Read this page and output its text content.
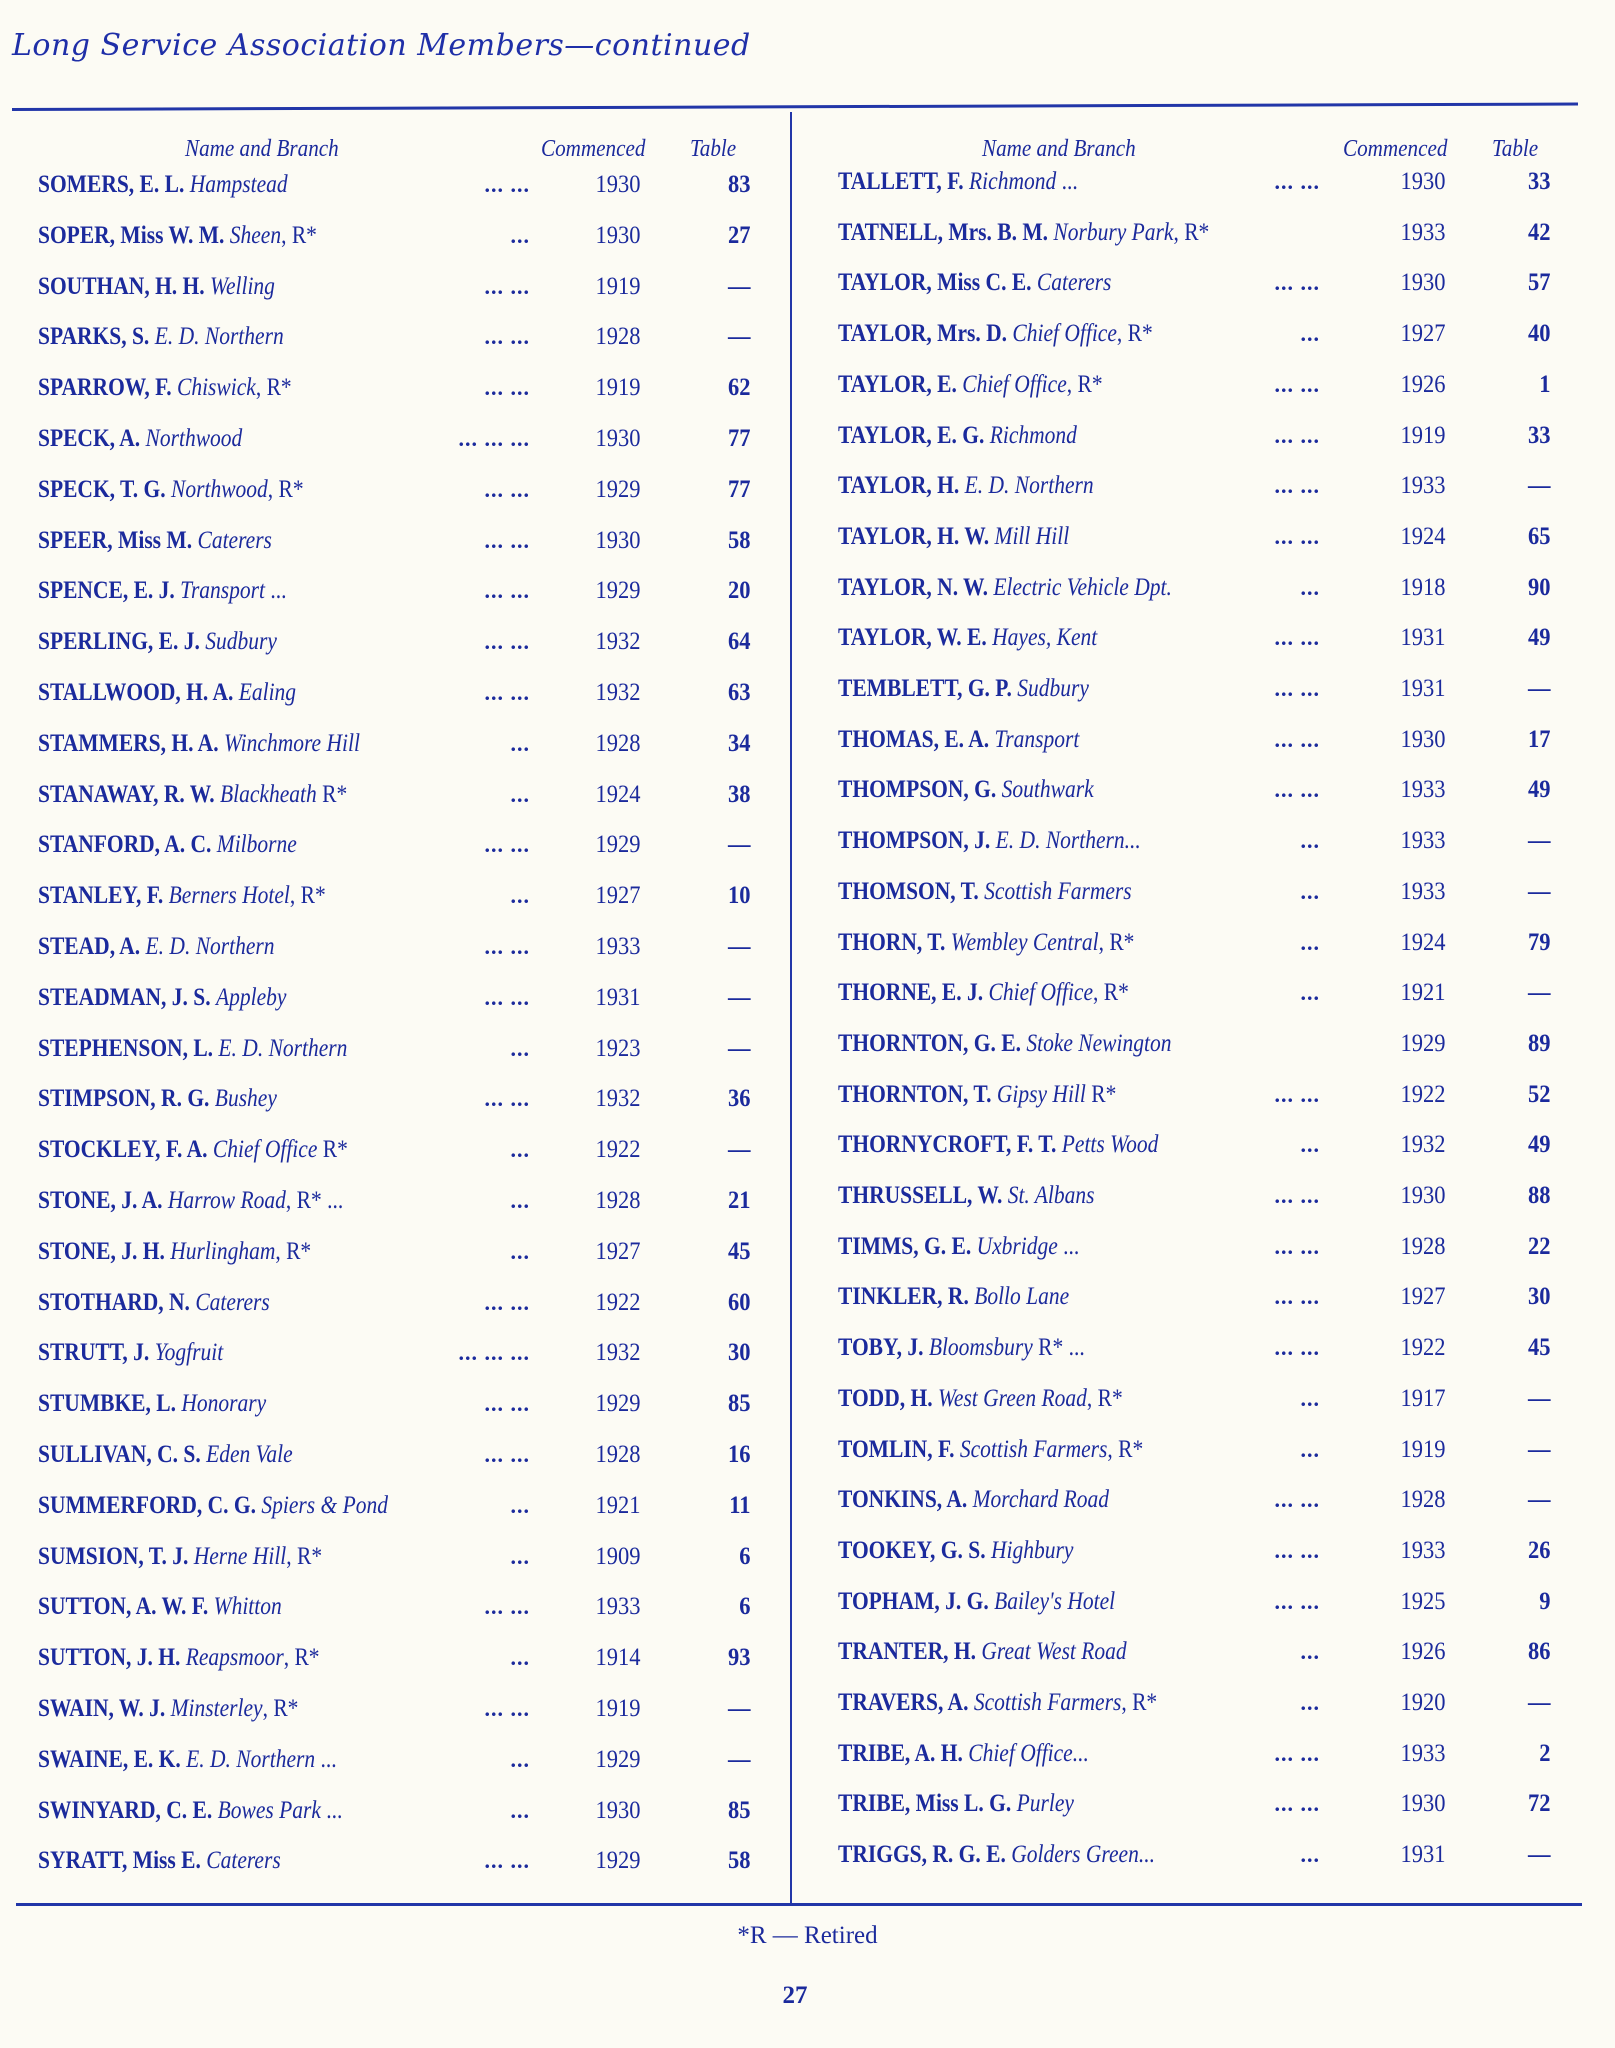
Long Service Association Members—continued
Name and Branch	Commenced Table
SOMERS, E. L. Hampstead	... ...	1930	83
SOPER, Miss W. M. Sheen, R*	...	1930	27
SOUTHAN, H. H. Welling	... ...	1919	—
SPARKS, S. E. D. Northern	... ...	1928	—
SPARROW, F. Chiswick, R*	... ...	1919	62
SPECK, A. Northwood	... ... ...	1930	77
SPECK, T. G. Northwood, R*	... ...	1929	77
SPEER, Miss M. Caterers	... ...	1930	58
SPENCE, E. J. Transport ...	... ...	1929	20
SPERLING, E. J. Sudbury	... ...	1932	64
STALLWOOD, H. A. Ealing	... ...	1932	63
STAMMERS, H. A. Winchmore Hill	...	1928	34
STANAWAY, R. W. Blackheath R*	...	1924	38
STANFORD, A. C. Milborne	... ...	1929	—
STANLEY, F. Berners Hotel, R*	...	1927	10
STEAD, A. E. D. Northern	... ...	1933	—
STEADMAN, J. S. Appleby	... ...	1931	—
STEPHENSON, L. E. D. Northern	...	1923	—
STIMPSON, R. G. Bushey	... ...	1932	36
STOCKLEY, F. A. Chief Office R*	...	1922	—
STONE, J. A. Harrow Road, R* ...	...	1928	21
STONE, J. H. Hurlingham, R*	...	1927	45
STOTHARD, N. Caterers	... ...	1922	60
STRUTT, J. Yogfruit	... ... ...	1932	30
STUMBKE, L. Honorary	... ...	1929	85
SULLIVAN, C. S. Eden Vale	... ...	1928	16
SUMMERFORD, C. G. Spiers & Pond	...	1921	11
SUMSION, T. J. Herne Hill, R*	...	1909	6
SUTTON, A. W. F. Whitton	... ...	1933	6
SUTTON, J. H. Reapsmoor, R*	...	1914	93
SWAIN, W. J. Minsterley, R*	... ...	1919	—
SWAINE, E. K. E. D. Northern ...	...	1929	—
SWINYARD, C. E. Bowes Park ...	...	1930	85
SYRATT, Miss E. Caterers	... ...	1929	58
Name and Branch	Commenced Table
TALLETT, F. Richmond ...	... ...	1930	33
TATNELL, Mrs. B. M. Norbury Park, R*	1933	42
TAYLOR, Miss C. E. Caterers	... ...	1930	57
TAYLOR, Mrs. D. Chief Office, R*	...	1927	40
TAYLOR, E. Chief Office, R*	... ...	1926	1
TAYLOR, E. G. Richmond	... ...	1919	33
TAYLOR, H. E. D. Northern	... ...	1933	—
TAYLOR, H. W. Mill Hill	... ...	1924	65
TAYLOR, N. W. Electric Vehicle Dpt.	...	1918	90
TAYLOR, W. E. Hayes, Kent	... ...	1931	49
TEMBLETT, G. P. Sudbury	... ...	1931	—
THOMAS, E. A. Transport	... ...	1930	17
THOMPSON, G. Southwark	... ...	1933	49
THOMPSON, J. E. D. Northern...	...	1933	—
THOMSON, T. Scottish Farmers	...	1933	—
THORN, T. Wembley Central, R*	...	1924	79
THORNE, E. J. Chief Office, R*	...	1921	—
THORNTON, G. E. Stoke Newington	1929	89
THORNTON, T. Gipsy Hill R*	... ...	1922	52
THORNYCROFT, F. T. Petts Wood	...	1932	49
THRUSSELL, W. St. Albans	... ...	1930	88
TIMMS, G. E. Uxbridge ...	... ...	1928	22
TINKLER, R. Bollo Lane	... ...	1927	30
TOBY, J. Bloomsbury R* ...	... ...	1922	45
TODD, H. West Green Road, R*	...	1917	—
TOMLIN, F. Scottish Farmers, R*	...	1919	—
TONKINS, A. Morchard Road	... ...	1928	—
TOOKEY, G. S. Highbury	... ...	1933	26
TOPHAM, J. G. Bailey's Hotel	... ...	1925	9
TRANTER, H. Great West Road	...	1926	86
TRAVERS, A. Scottish Farmers, R*	...	1920	—
TRIBE, A. H. Chief Office...	... ...	1933	2
TRIBE, Miss L. G. Purley	... ...	1930	72
TRIGGS, R. G. E. Golders Green...	...	1931	—
*R — Retired
27
